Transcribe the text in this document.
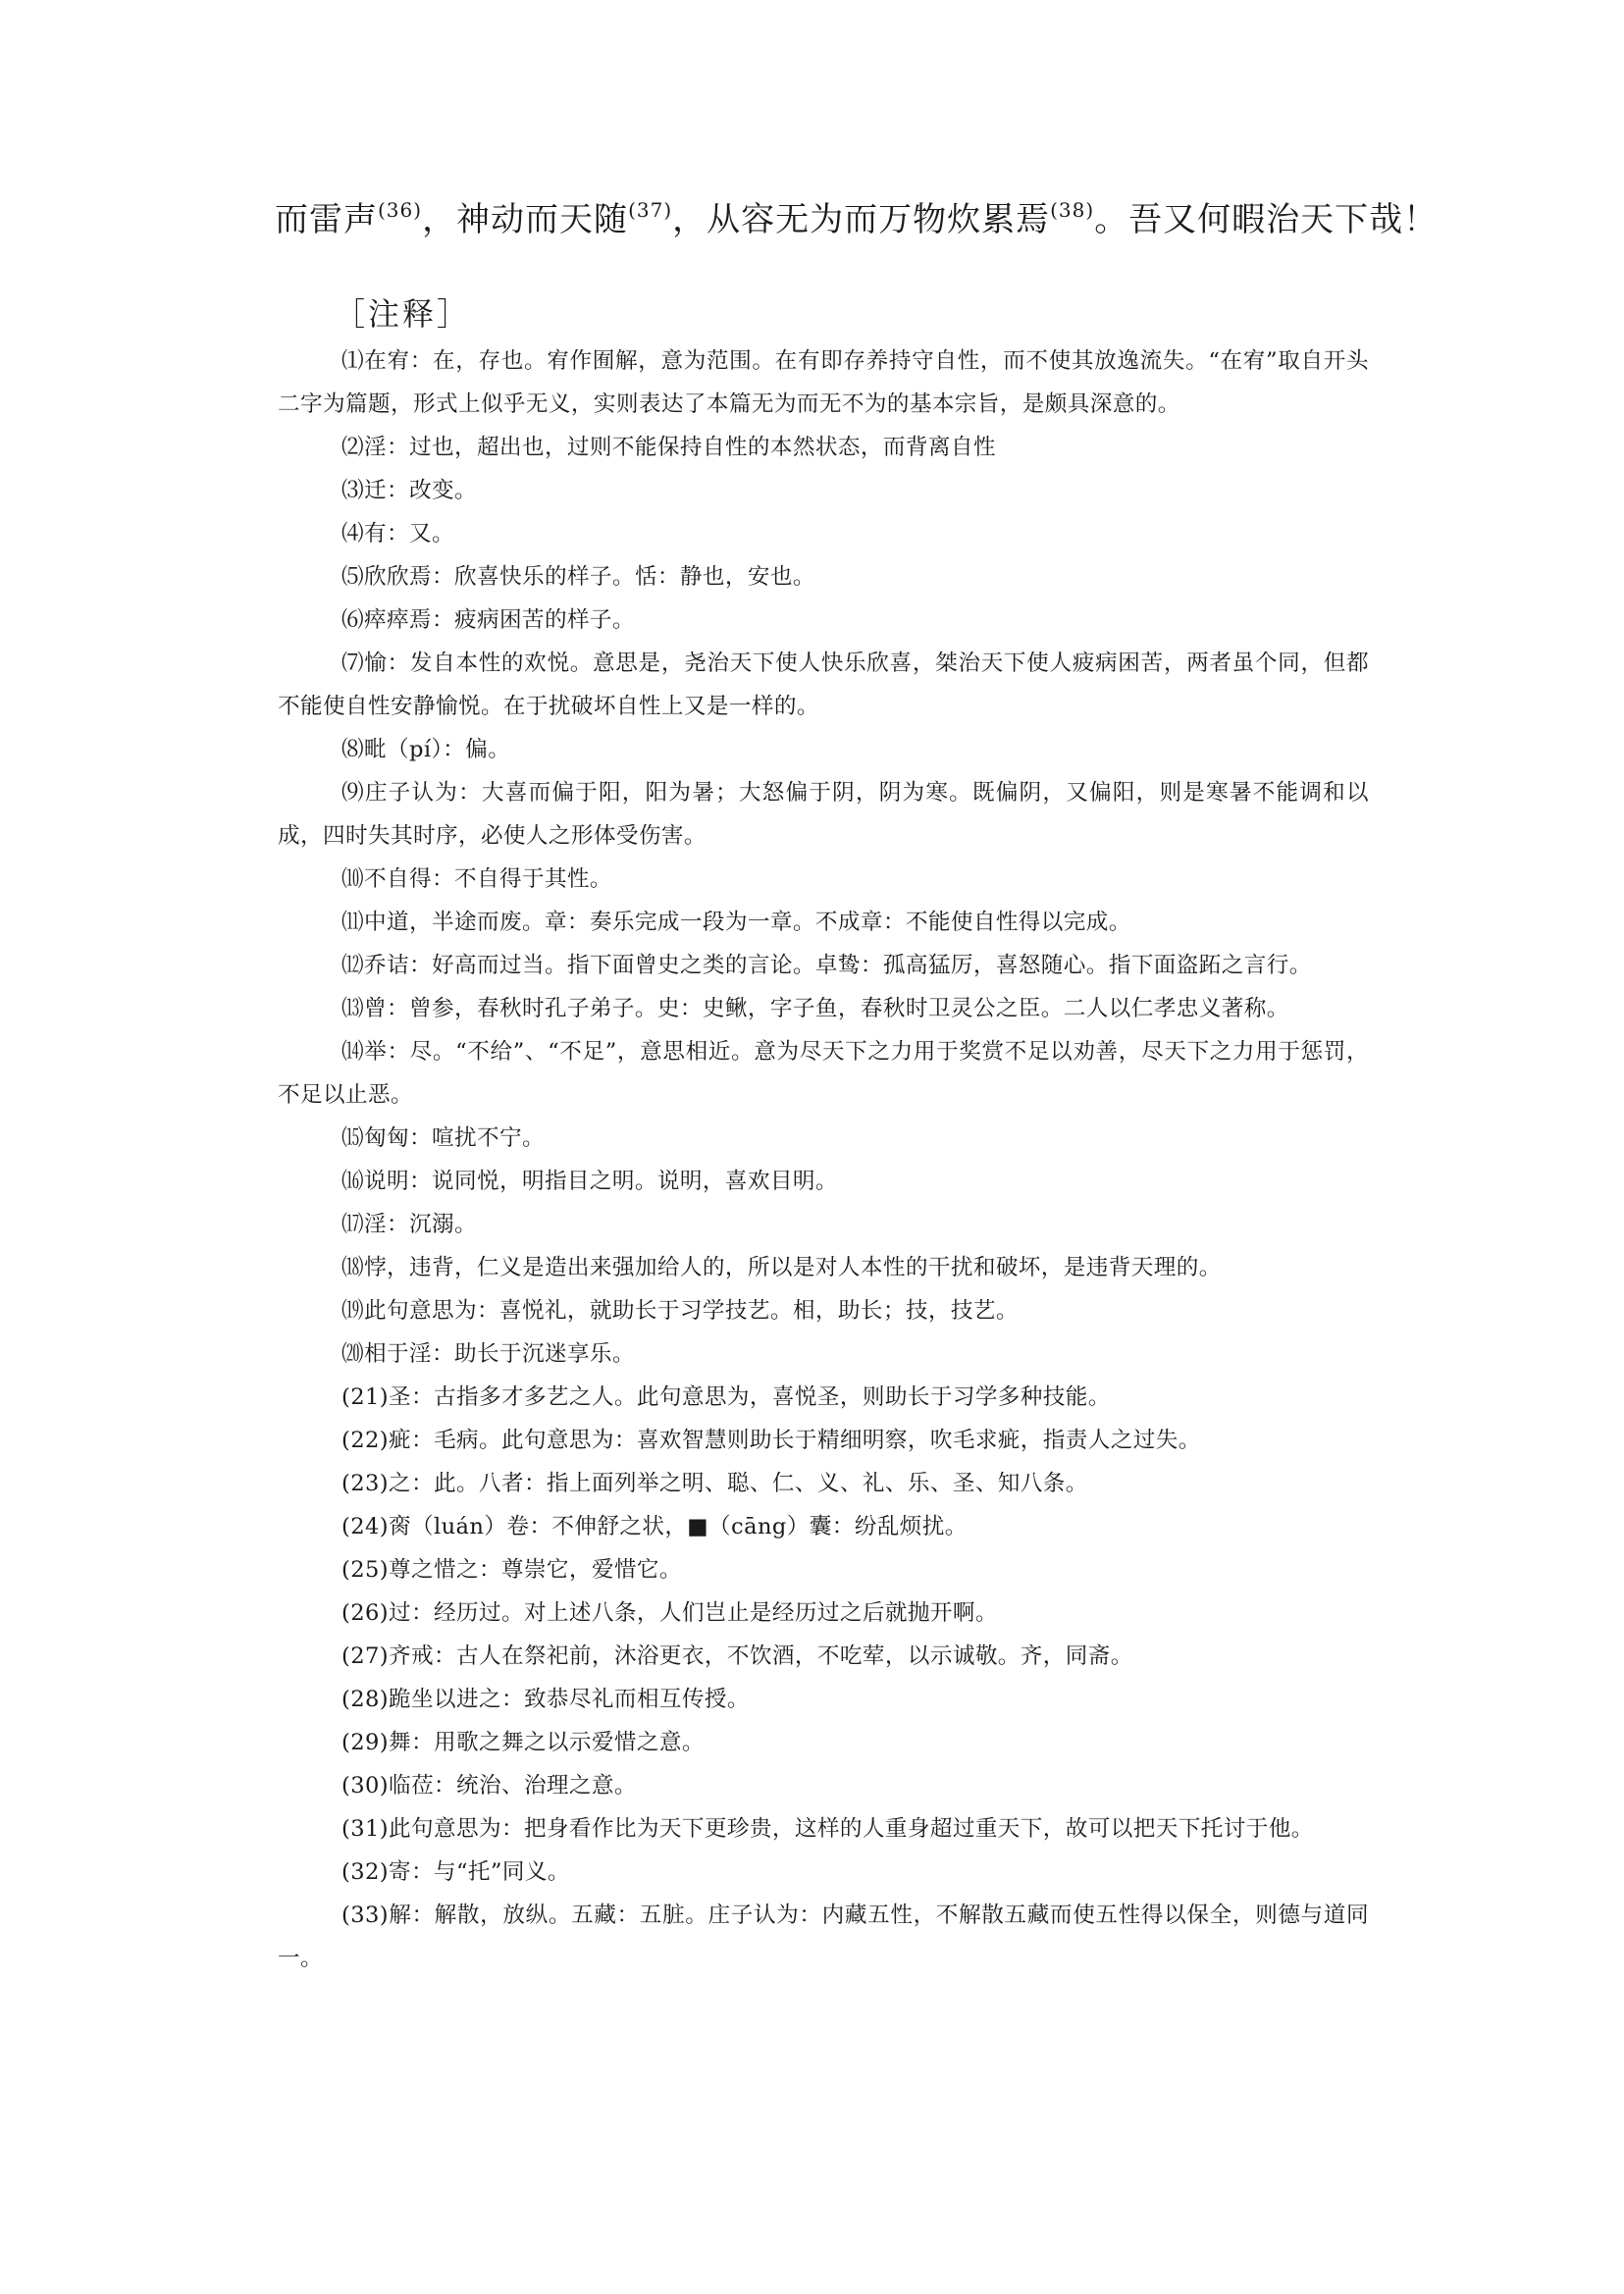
而雷声$^{(36)}$，神动而天随$^{(37)}$，从容无为而万物炊累焉$^{(38)}$。吾又何暇治天下哉！
［注释］

⑴在宥：在，存也。宥作囿解，意为范围。在有即存养持守自性，而不使其放逸流失。“在宥”取自开头二字为篇题，形式上似乎无义，实则表达了本篇无为而无不为的基本宗旨，是颇具深意的。

⑵淫：过也，超出也，过则不能保持自性的本然状态，而背离自性

⑶迁：改变。

⑷有：又。

⑸欣欣焉：欣喜快乐的样子。恬：静也，安也。

⑹瘁瘁焉：疲病困苦的样子。

⑺愉：发自本性的欢悦。意思是，尧治天下使人快乐欣喜，桀治天下使人疲病困苦，两者虽个同，但都不能使自性安静愉悦。在于扰破坏自性上又是一样的。

⑻毗（pí）：偏。

⑼庄子认为：大喜而偏于阳，阳为暑；大怒偏于阴，阴为寒。既偏阴，又偏阳，则是寒暑不能调和以成，四时失其时序，必使人之形体受伤害。

⑽不自得：不自得于其性。

⑾中道，半途而废。章：奏乐完成一段为一章。不成章：不能使自性得以完成。

⑿乔诘：好高而过当。指下面曾史之类的言论。卓鸷：孤高猛厉，喜怒随心。指下面盗跖之言行。

⒀曾：曾参，春秋时孔子弟子。史：史鳅，字子鱼，春秋时卫灵公之臣。二人以仁孝忠义著称。

⒁举：尽。“不给”、“不足”，意思相近。意为尽天下之力用于奖赏不足以劝善，尽天下之力用于惩罚，不足以止恶。

⒂匈匈：喧扰不宁。

⒃说明：说同悦，明指目之明。说明，喜欢目明。

⒄淫：沉溺。

⒅悖，违背，仁义是造出来强加给人的，所以是对人本性的干扰和破坏，是违背天理的。

⒆此句意思为：喜悦礼，就助长于习学技艺。相，助长；技，技艺。

⒇相于淫：助长于沉迷享乐。

(21)圣：古指多才多艺之人。此句意思为，喜悦圣，则助长于习学多种技能。

(22)疵：毛病。此句意思为：喜欢智慧则助长于精细明察，吹毛求疵，指责人之过失。

(23)之：此。八者：指上面列举之明、聪、仁、义、礼、乐、圣、知八条。

(24)脔（luán）卷：不伸舒之状，■（cāng）囊：纷乱烦扰。

(25)尊之惜之：尊崇它，爱惜它。

(26)过：经历过。对上述八条，人们岂止是经历过之后就抛开啊。

(27)齐戒：古人在祭祀前，沐浴更衣，不饮酒，不吃荤，以示诚敬。齐，同斋。

(28)跪坐以进之：致恭尽礼而相互传授。

(29)舞：用歌之舞之以示爱惜之意。

(30)临莅：统治、治理之意。

(31)此句意思为：把身看作比为天下更珍贵，这样的人重身超过重天下，故可以把天下托讨于他。

(32)寄：与“托”同义。

(33)解：解散，放纵。五藏：五脏。庄子认为：内藏五性，不解散五藏而使五性得以保全，则德与道同一。
